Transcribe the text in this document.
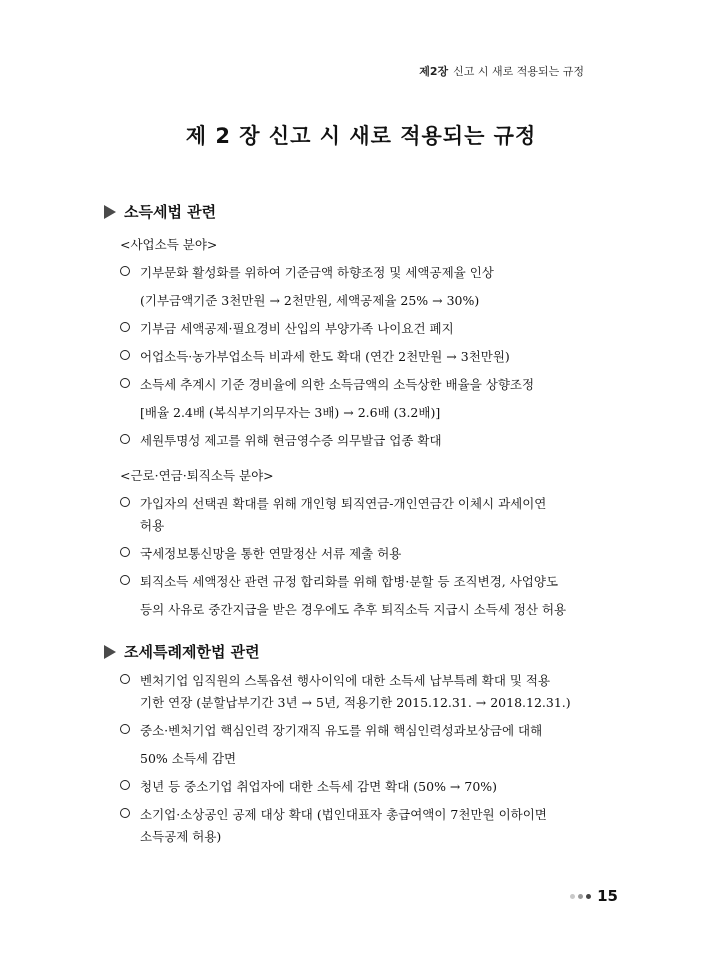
제2장 신고 시 새로 적용되는 규정
제 2 장 신고 시 새로 적용되는 규정
소득세법 관련
<사업소득 분야>
기부문화 활성화를 위하여 기준금액 하향조정 및 세액공제율 인상
(기부금액기준 3천만원 → 2천만원, 세액공제율 25% → 30%)
기부금 세액공제·필요경비 산입의 부양가족 나이요건 폐지
어업소득·농가부업소득 비과세 한도 확대 (연간 2천만원 → 3천만원)
소득세 추계시 기준 경비율에 의한 소득금액의 소득상한 배율을 상향조정
[배율 2.4배 (복식부기의무자는 3배) → 2.6배 (3.2배)]
세원투명성 제고를 위해 현금영수증 의무발급 업종 확대
<근로·연금·퇴직소득 분야>
가입자의 선택권 확대를 위해 개인형 퇴직연금-개인연금간 이체시 과세이연
허용
국세정보통신망을 통한 연말정산 서류 제출 허용
퇴직소득 세액정산 관련 규정 합리화를 위해 합병·분할 등 조직변경, 사업양도
등의 사유로 중간지급을 받은 경우에도 추후 퇴직소득 지급시 소득세 정산 허용
조세특례제한법 관련
벤처기업 임직원의 스톡옵션 행사이익에 대한 소득세 납부특례 확대 및 적용
기한 연장 (분할납부기간 3년 → 5년, 적용기한 2015.12.31. → 2018.12.31.)
중소·벤처기업 핵심인력 장기재직 유도를 위해 핵심인력성과보상금에 대해
50% 소득세 감면
청년 등 중소기업 취업자에 대한 소득세 감면 확대 (50% → 70%)
소기업·소상공인 공제 대상 확대 (법인대표자 총급여액이 7천만원 이하이면
소득공제 허용)
15
